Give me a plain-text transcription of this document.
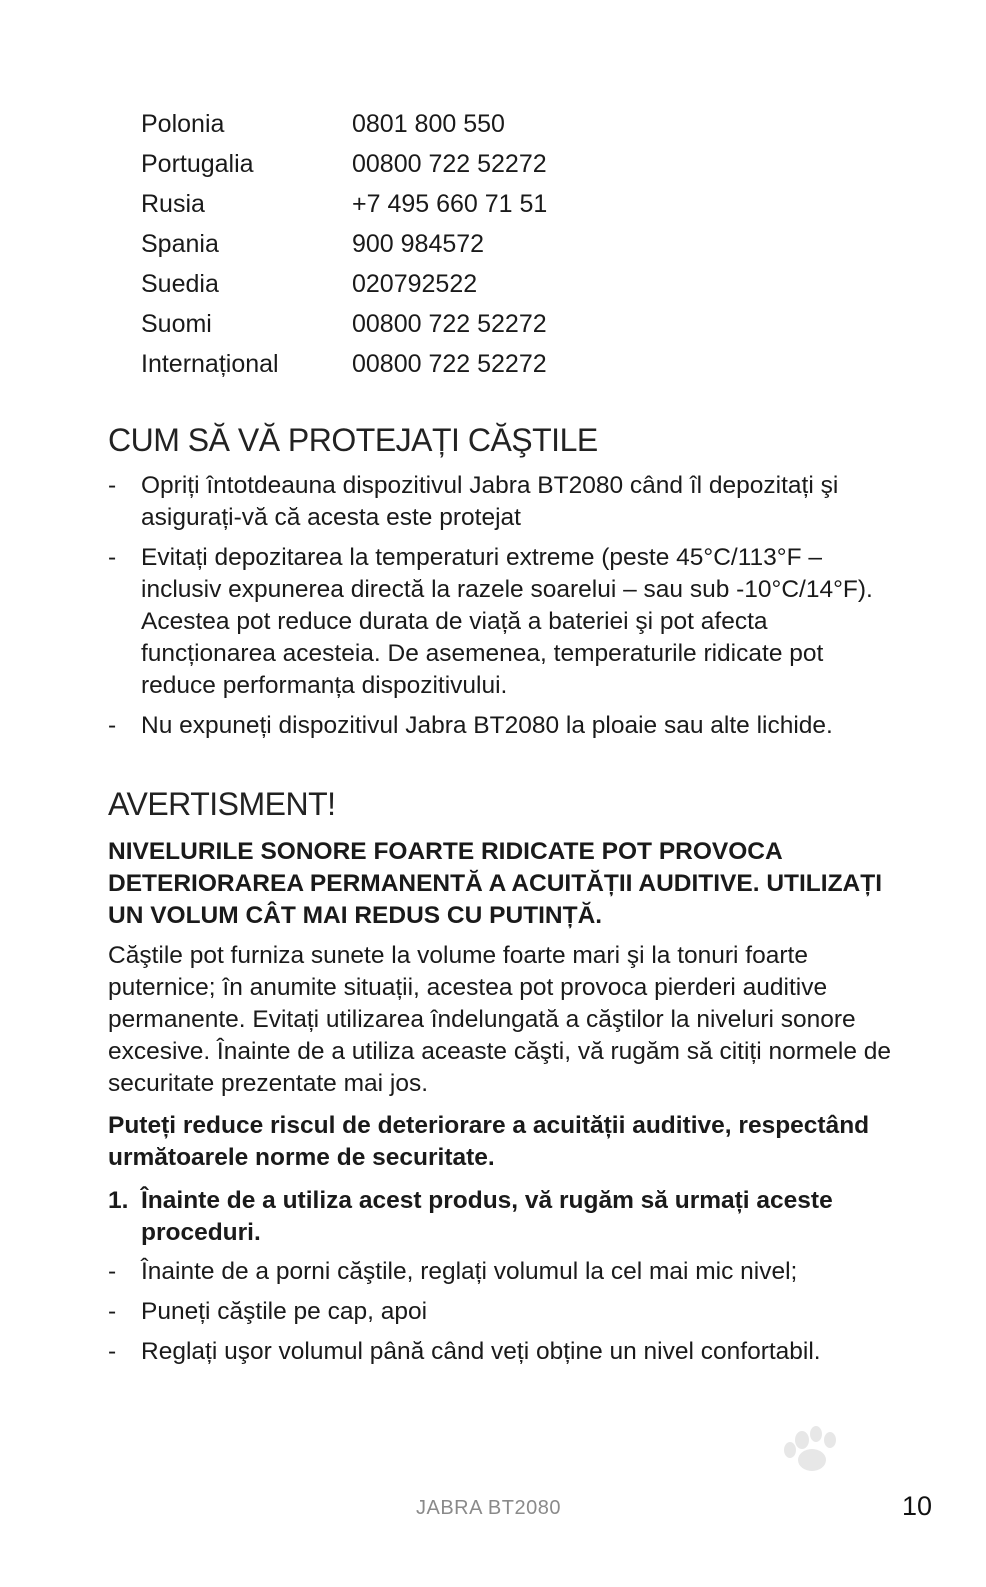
Polonia	0801 800 550
Portugalia	00800 722 52272
Rusia	+7 495 660 71 51
Spania	900 984572
Suedia	020792522
Suomi	00800 722 52272
Internațional	00800 722 52272
CUM SĂ VĂ PROTEJAȚI CĂŞTILE
- Opriți întotdeauna dispozitivul Jabra BT2080 când îl depozitați şi asigurați-vă că acesta este protejat
- Evitați depozitarea la temperaturi extreme (peste 45°C/113°F – inclusiv expunerea directă la razele soarelui – sau sub -10°C/14°F). Acestea pot reduce durata de viață a bateriei şi pot afecta funcționarea acesteia. De asemenea, temperaturile ridicate pot reduce performanța dispozitivului.
- Nu expuneți dispozitivul Jabra BT2080 la ploaie sau alte lichide.
AVERTISMENT!

NIVELURILE SONORE FOARTE RIDICATE POT PROVOCA DETERIORAREA PERMANENTĂ A ACUITĂȚII AUDITIVE. UTILIZAȚI UN VOLUM CÂT MAI REDUS CU PUTINȚĂ.

Căştile pot furniza sunete la volume foarte mari şi la tonuri foarte puternice; în anumite situații, acestea pot provoca pierderi auditive permanente. Evitați utilizarea îndelungată a căştilor la niveluri sonore excesive. Înainte de a utiliza aceaste căşti, vă rugăm să citiți normele de securitate prezentate mai jos.

Puteți reduce riscul de deteriorare a acuității auditive, respectând următoarele norme de securitate.

1. Înainte de a utiliza acest produs, vă rugăm să urmați aceste proceduri.
- Înainte de a porni căştile, reglați volumul la cel mai mic nivel;
- Puneți căştile pe cap, apoi
- Reglați uşor volumul până când veți obține un nivel confortabil.
JABRA BT2080	10
